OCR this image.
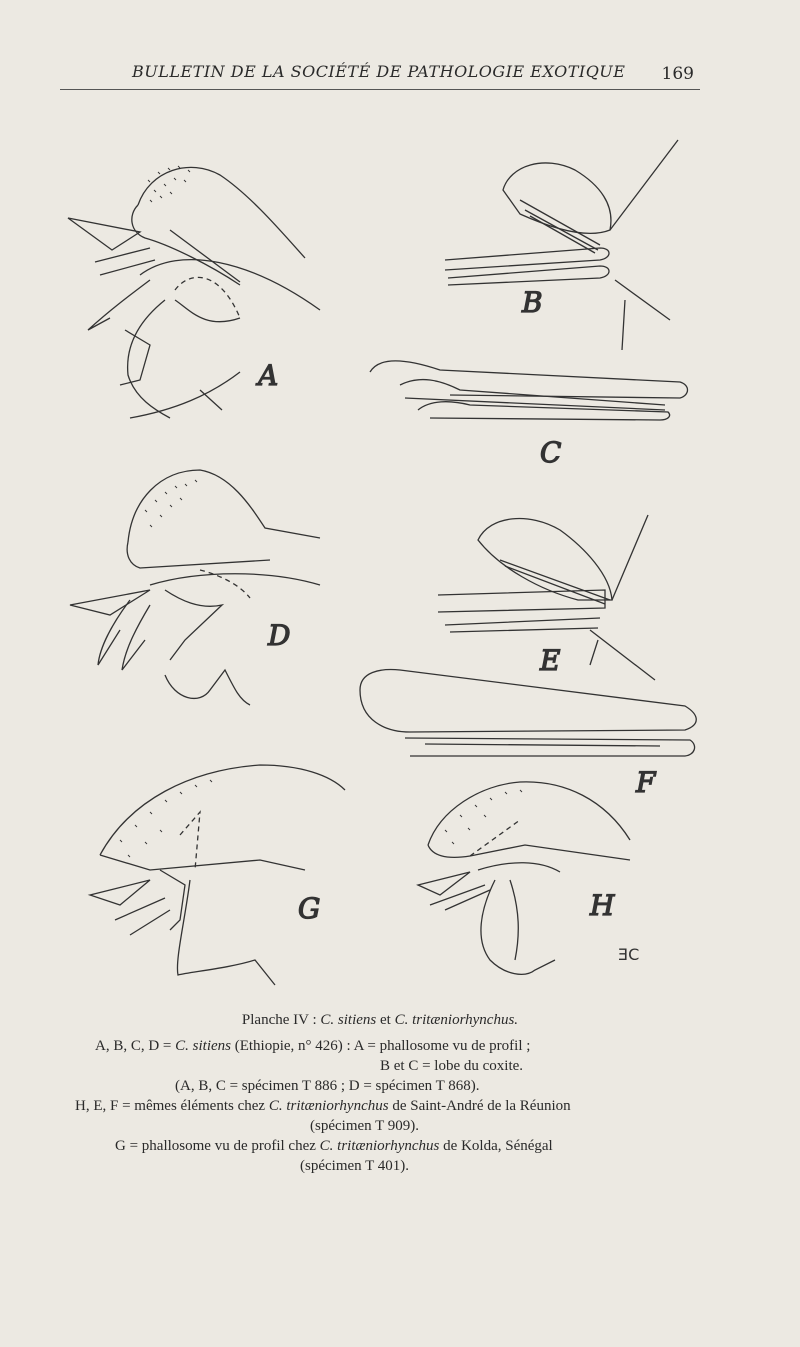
BULLETIN DE LA SOCIÉTÉ DE PATHOLOGIE EXOTIQUE 169
A
B
C
D
E
F
G	H
ƎC
Planche IV : C. sitiens et C. tritæniorhynchus.
A, B, C, D = C. sitiens (Ethiopie, n° 426) : A = phallosome vu de profil ;
B et C = lobe du coxite.
(A, B, C = spécimen T 886 ; D = spécimen T 868).
H, E, F = mêmes éléments chez C. tritæniorhynchus de Saint-André de la Réunion
(spécimen T 909).
G = phallosome vu de profil chez C. tritæniorhynchus de Kolda, Sénégal
(spécimen T 401).
